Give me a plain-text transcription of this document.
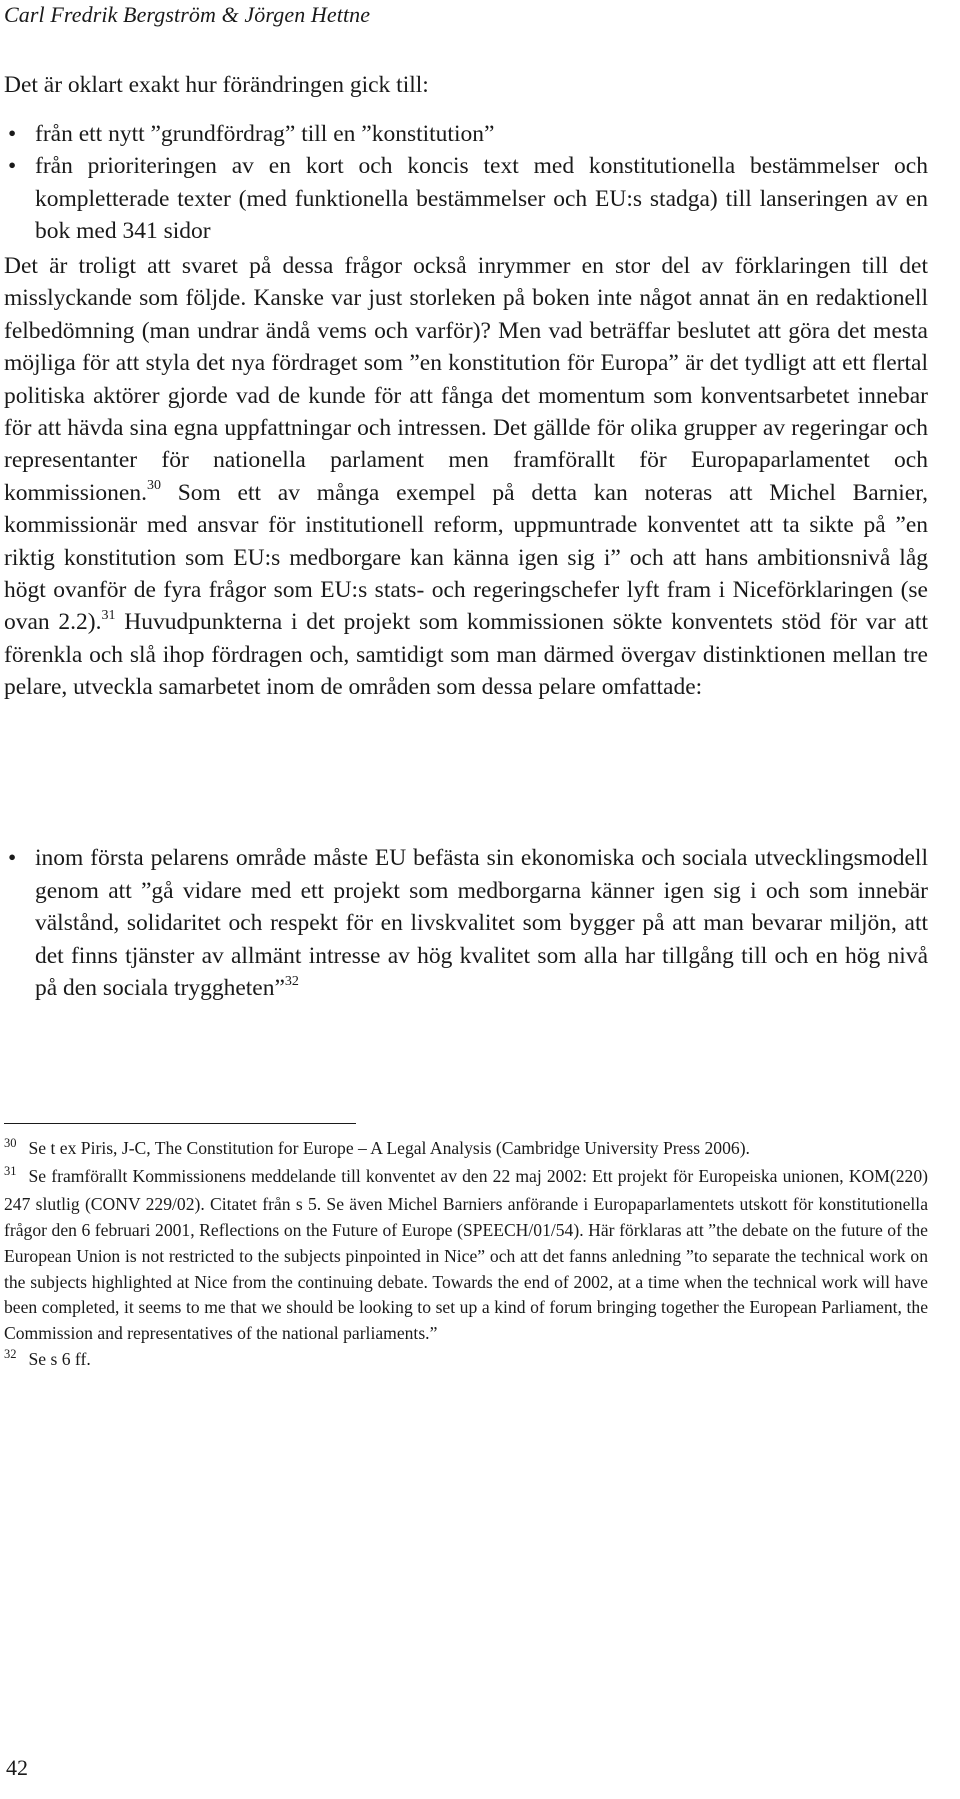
Carl Fredrik Bergström & Jörgen Hettne
Det är oklart exakt hur förändringen gick till:
• från ett nytt ”grundfördrag” till en ”konstitution”
• från prioriteringen av en kort och koncis text med konstitutionella bestämmelser och kompletterade texter (med funktionella bestämmelser och EU:s stadga) till lanseringen av en bok med 341 sidor
Det är troligt att svaret på dessa frågor också inrymmer en stor del av förklaringen till det misslyckande som följde. Kanske var just storleken på boken inte något annat än en redaktionell felbedömning (man undrar ändå vems och varför)? Men vad beträffar beslutet att göra det mesta möjliga för att styla det nya fördraget som ”en konstitution för Europa” är det tydligt att ett flertal politiska aktörer gjorde vad de kunde för att fånga det momentum som konventsarbetet innebar för att hävda sina egna uppfattningar och intressen. Det gällde för olika grupper av regeringar och representanter för nationella parlament men framförallt för Europaparlamentet och kommissionen.$^{30}$ Som ett av många exempel på detta kan noteras att Michel Barnier, kommissionär med ansvar för institutionell reform, uppmuntrade konventet att ta sikte på ”en riktig konstitution som EU:s medborgare kan känna igen sig i” och att hans ambitionsnivå låg högt ovanför de fyra frågor som EU:s stats- och regeringschefer lyft fram i Niceförklaringen (se ovan 2.2).$^{31}$ Huvudpunkterna i det projekt som kommissionen sökte konventets stöd för var att förenkla och slå ihop fördragen och, samtidigt som man därmed övergav distinktionen mellan tre pelare, utveckla samarbetet inom de områden som dessa pelare omfattade:
• inom första pelarens område måste EU befästa sin ekonomiska och sociala utvecklingsmodell genom att ”gå vidare med ett projekt som medborgarna känner igen sig i och som innebär välstånd, solidaritet och respekt för en livskvalitet som bygger på att man bevarar miljön, att det finns tjänster av allmänt intresse av hög kvalitet som alla har tillgång till och en hög nivå på den sociala tryggheten”$^{32}$

$^{30}$ Se t ex Piris, J-C, The Constitution for Europe – A Legal Analysis (Cambridge University Press 2006).

$^{31}$ Se framförallt Kommissionens meddelande till konventet av den 22 maj 2002: Ett projekt för Europeiska unionen, KOM(220) 247 slutlig (CONV 229/02). Citatet från s 5. Se även Michel Barniers anförande i Europaparlamentets utskott för konstitutionella frågor den 6 februari 2001, Reflections on the Future of Europe (SPEECH/01/54). Här förklaras att ”the debate on the future of the European Union is not restricted to the subjects pinpointed in Nice” och att det fanns anledning ”to separate the technical work on the subjects highlighted at Nice from the continuing debate. Towards the end of 2002, at a time when the technical work will have been completed, it seems to me that we should be looking to set up a kind of forum bringing together the European Parliament, the Commission and representatives of the national parliaments.”

$^{32}$ Se s 6 ff.

42
